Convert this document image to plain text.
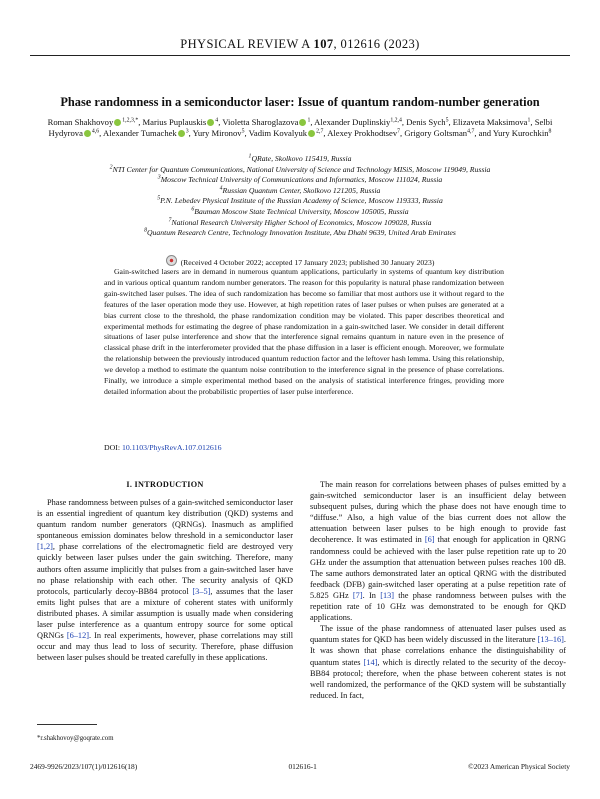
PHYSICAL REVIEW A 107, 012616 (2023)
Phase randomness in a semiconductor laser: Issue of quantum random-number generation
Roman Shakhovoy $^{1,2,3,*}$, Marius Puplauskis $^4$, Violetta Sharoglazova $^1$, Alexander Duplinskiy$^{1,2,4}$, Denis Sych$^5$, Elizaveta Maksimova$^1$, Selbi Hydyrova $^{4,6}$, Alexander Tumachek $^3$, Yury Mironov$^5$, Vadim Kovalyuk $^{2,7}$, Alexey Prokhodtsev$^7$, Grigory Goltsman$^{4,7}$, and Yury Kurochkin$^8$
$^1$QRate, Skolkovo 115419, Russia
$^2$NTI Center for Quantum Communications, National University of Science and Technology MISiS, Moscow 119049, Russia
$^3$Moscow Technical University of Communications and Informatics, Moscow 111024, Russia
$^4$Russian Quantum Center, Skolkovo 121205, Russia
$^5$P.N. Lebedev Physical Institute of the Russian Academy of Science, Moscow 119333, Russia
$^6$Bauman Moscow State Technical University, Moscow 105005, Russia
$^7$National Research University Higher School of Economics, Moscow 109028, Russia
$^8$Quantum Research Centre, Technology Innovation Institute, Abu Dhabi 9639, United Arab Emirates
(Received 4 October 2022; accepted 17 January 2023; published 30 January 2023)

Gain-switched lasers are in demand in numerous quantum applications, particularly in systems of quantum key distribution and in various optical quantum random number generators. The reason for this popularity is natural phase randomization between gain-switched laser pulses. The idea of such randomization has become so familiar that most authors use it without regard to the features of the laser operation mode they use. However, at high repetition rates of laser pulses or when pulses are generated at a bias current close to the threshold, the phase randomization condition may be violated. This paper describes theoretical and experimental methods for estimating the degree of phase randomization in a gain-switched laser. We consider in detail different situations of laser pulse interference and show that the interference signal remains quantum in nature even in the presence of classical phase drift in the interferometer provided that the phase diffusion in a laser is efficient enough. Moreover, we formulate the relationship between the previously introduced quantum reduction factor and the leftover hash lemma. Using this relationship, we develop a method to estimate the quantum noise contribution to the interference signal in the presence of phase correlations. Finally, we introduce a simple experimental method based on the analysis of statistical interference fringes, providing more detailed information about the probabilistic properties of laser pulse interference.

DOI: 10.1103/PhysRevA.107.012616
I. INTRODUCTION

Phase randomness between pulses of a gain-switched semiconductor laser is an essential ingredient of quantum key distribution (QKD) systems and quantum random number generators (QRNGs). Inasmuch as amplified spontaneous emission dominates below threshold in a semiconductor laser [1,2], phase correlations of the electromagnetic field are destroyed very quickly between laser pulses under the gain switching. Therefore, many authors often assume implicitly that pulses from a gain-switched laser have no phase relationship with each other. The security analysis of QKD protocols, particularly decoy-BB84 protocol [3–5], assumes that the laser emits light pulses that are a mixture of coherent states with uniformly distributed phases. A similar assumption is usually made when considering laser pulse interference as a quantum entropy source for some optical QRNGs [6–12]. In real experiments, however, phase correlations may still occur and may thus lead to loss of security. Therefore, phase diffusion between laser pulses should be treated carefully in these applications.

The main reason for correlations between phases of pulses emitted by a gain-switched semiconductor laser is an insufficient delay between subsequent pulses, during which the phase does not have enough time to “diffuse.” Also, a high value of the bias current does not allow the attenuation between laser pulses to be high enough to provide fast decoherence. It was estimated in [6] that enough for application in QRNG randomness could be achieved with the laser pulse repetition rate up to 20 GHz under the assumption that attenuation between pulses reaches 100 dB. The same authors demonstrated later an optical QRNG with the distributed feedback (DFB) gain-switched laser operating at a pulse repetition rate of 5.825 GHz [7]. In [13] the phase randomness between pulses with the repetition rate of 10 GHz was demonstrated to be enough for QKD applications.

The issue of the phase randomness of attenuated laser pulses used as quantum states for QKD has been widely discussed in the literature [13–16]. It was shown that phase correlations enhance the distinguishability of quantum states [14], which is directly related to the security of the decoy-BB84 protocol; therefore, when the phase between coherent states is not well randomized, the performance of the QKD system will be substantially reduced. In fact,

*r.shakhovoy@goqrate.com
2469-9926/2023/107(1)/012616(18)	012616-1	©2023 American Physical Society
